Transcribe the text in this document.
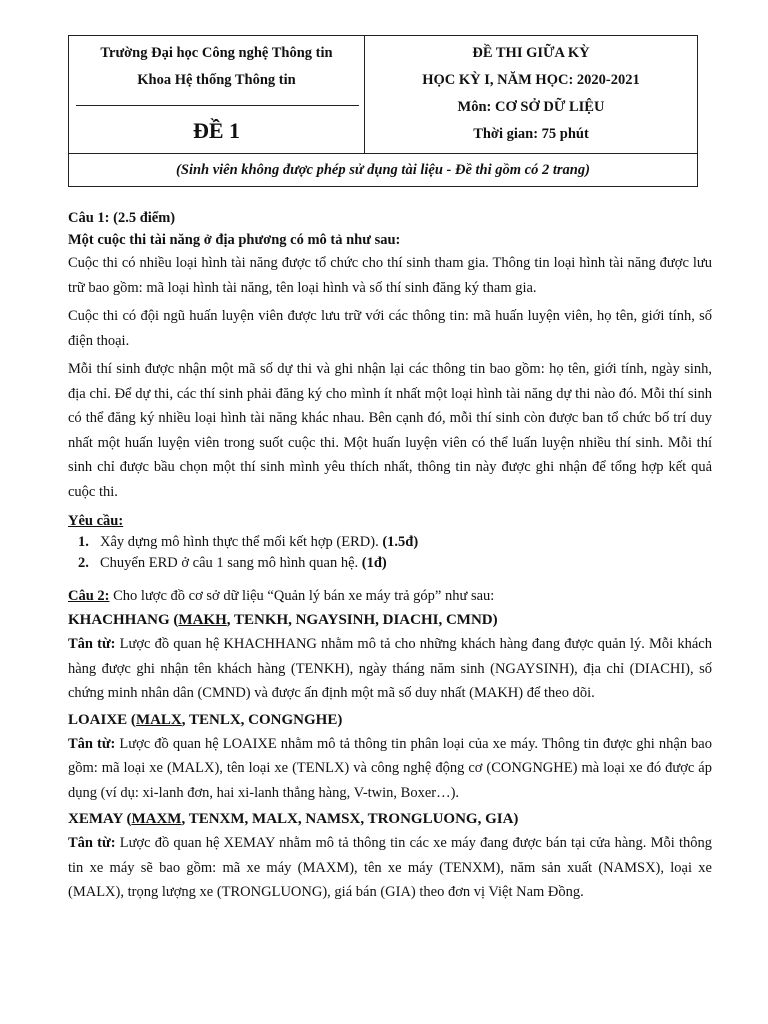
Trường Đại học Công nghệ Thông tin
Khoa Hệ thống Thông tin
ĐỀ 1
ĐỀ THI GIỮA KỲ
HỌC KỲ I, NĂM HỌC: 2020-2021
Môn: CƠ SỞ DỮ LIỆU
Thời gian: 75 phút
(Sinh viên không được phép sử dụng tài liệu - Đề thi gồm có 2 trang)
Câu 1: (2.5 điểm)
Một cuộc thi tài năng ở địa phương có mô tả như sau:

Cuộc thi có nhiều loại hình tài năng được tổ chức cho thí sinh tham gia. Thông tin loại hình tài năng được lưu trữ bao gồm: mã loại hình tài năng, tên loại hình và số thí sinh đăng ký tham gia.

Cuộc thi có đội ngũ huấn luyện viên được lưu trữ với các thông tin: mã huấn luyện viên, họ tên, giới tính, số điện thoại.

Mỗi thí sinh được nhận một mã số dự thi và ghi nhận lại các thông tin bao gồm: họ tên, giới tính, ngày sinh, địa chỉ. Để dự thi, các thí sinh phải đăng ký cho mình ít nhất một loại hình tài năng dự thi nào đó. Mỗi thí sinh có thể đăng ký nhiều loại hình tài năng khác nhau. Bên cạnh đó, mỗi thí sinh còn được ban tổ chức bố trí duy nhất một huấn luyện viên trong suốt cuộc thi. Một huấn luyện viên có thể luấn luyện nhiều thí sinh. Mỗi thí sinh chỉ được bầu chọn một thí sinh mình yêu thích nhất, thông tin này được ghi nhận để tổng hợp kết quả cuộc thi.

Yêu cầu:
1. Xây dựng mô hình thực thể mối kết hợp (ERD). (1.5đ)
2. Chuyển ERD ở câu 1 sang mô hình quan hệ. (1đ)
Câu 2: Cho lược đồ cơ sở dữ liệu “Quản lý bán xe máy trả góp” như sau:
KHACHHANG (MAKH, TENKH, NGAYSINH, DIACHI, CMND)

Tân từ: Lược đồ quan hệ KHACHHANG nhằm mô tả cho những khách hàng đang được quản lý. Mỗi khách hàng được ghi nhận tên khách hàng (TENKH), ngày tháng năm sinh (NGAYSINH), địa chỉ (DIACHI), số chứng minh nhân dân (CMND) và được ấn định một mã số duy nhất (MAKH) để theo dõi.

LOAIXE (MALX, TENLX, CONGNGHE)

Tân từ: Lược đồ quan hệ LOAIXE nhằm mô tả thông tin phân loại của xe máy. Thông tin được ghi nhận bao gồm: mã loại xe (MALX), tên loại xe (TENLX) và công nghệ động cơ (CONGNGHE) mà loại xe đó được áp dụng (ví dụ: xi-lanh đơn, hai xi-lanh thẳng hàng, V-twin, Boxer…).

XEMAY (MAXM, TENXM, MALX, NAMSX, TRONGLUONG, GIA)

Tân từ: Lược đồ quan hệ XEMAY nhằm mô tả thông tin các xe máy đang được bán tại cửa hàng. Mỗi thông tin xe máy sẽ bao gồm: mã xe máy (MAXM), tên xe máy (TENXM), năm sản xuất (NAMSX), loại xe (MALX), trọng lượng xe (TRONGLUONG), giá bán (GIA) theo đơn vị Việt Nam Đồng.
